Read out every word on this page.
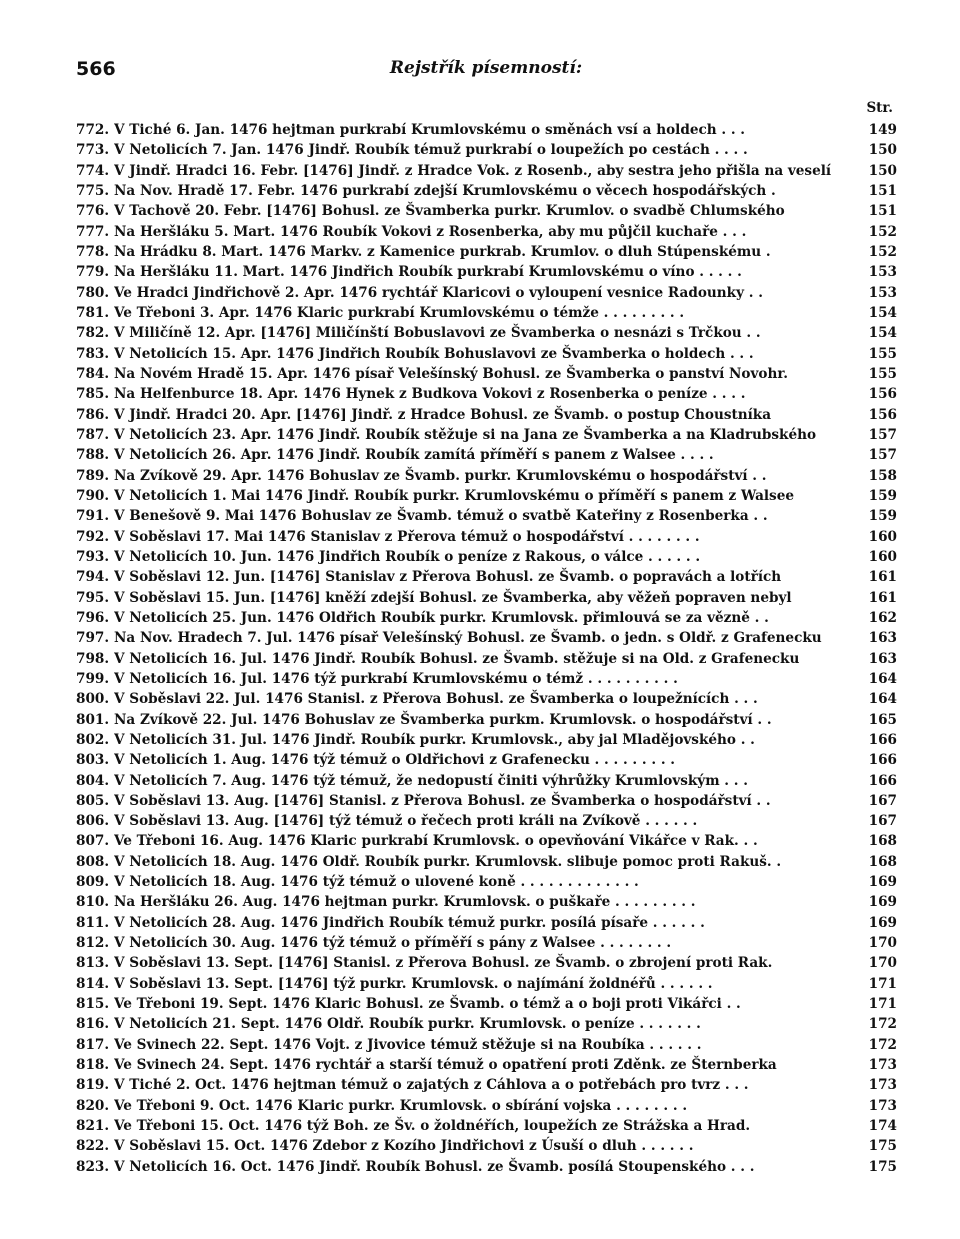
566	Rejstřík písemností:
Str.
772. V Tiché 6. Jan. 1476 hejtman purkrabí Krumlovskému o směnách vsí a holdech . . .	149
773. V Netolicích 7. Jan. 1476 Jindř. Roubík témuž purkrabí o loupežích po cestách . . . .	150
774. V Jindř. Hradci 16. Febr. [1476] Jindř. z Hradce Vok. z Rosenb., aby sestra jeho přišla na veselí	150
775. Na Nov. Hradě 17. Febr. 1476 purkrabí zdejší Krumlovskému o věcech hospodářských .	151
776. V Tachově 20. Febr. [1476] Bohusl. ze Švamberka purkr. Krumlov. o svadbě Chlumského	151
777. Na Heršláku 5. Mart. 1476 Roubík Vokovi z Rosenberka, aby mu půjčil kuchaře . . .	152
778. Na Hrádku 8. Mart. 1476 Markv. z Kamenice purkrab. Krumlov. o dluh Stúpenskému .	152
779. Na Heršláku 11. Mart. 1476 Jindřich Roubík purkrabí Krumlovskému o víno . . . . .	153
780. Ve Hradci Jindřichově 2. Apr. 1476 rychtář Klaricovi o vyloupení vesnice Radounky . .	153
781. Ve Třeboni 3. Apr. 1476 Klaric purkrabí Krumlovskému o témže . . . . . . . . .	154
782. V Miličíně 12. Apr. [1476] Miličínští Bobuslavovi ze Švamberka o nesnázi s Trčkou . .	154
783. V Netolicích 15. Apr. 1476 Jindřich Roubík Bohuslavovi ze Švamberka o holdech . . .	155
784. Na Novém Hradě 15. Apr. 1476 písař Velešínský Bohusl. ze Švamberka o panství Novohr.	155
785. Na Helfenburce 18. Apr. 1476 Hynek z Budkova Vokovi z Rosenberka o peníze . . . .	156
786. V Jindř. Hradci 20. Apr. [1476] Jindř. z Hradce Bohusl. ze Švamb. o postup Choustníka	156
787. V Netolicích 23. Apr. 1476 Jindř. Roubík stěžuje si na Jana ze Švamberka a na Kladrubského	157
788. V Netolicích 26. Apr. 1476 Jindř. Roubík zamítá příměří s panem z Walsee . . . .	157
789. Na Zvíkově 29. Apr. 1476 Bohuslav ze Švamb. purkr. Krumlovskému o hospodářství . .	158
790. V Netolicích 1. Mai 1476 Jindř. Roubík purkr. Krumlovskému o příměří s panem z Walsee	159
791. V Benešově 9. Mai 1476 Bohuslav ze Švamb. témuž o svatbě Kateřiny z Rosenberka . .	159
792. V Soběslavi 17. Mai 1476 Stanislav z Přerova témuž o hospodářství . . . . . . . .	160
793. V Netolicích 10. Jun. 1476 Jindřich Roubík o peníze z Rakous, o válce . . . . . .	160
794. V Soběslavi 12. Jun. [1476] Stanislav z Přerova Bohusl. ze Švamb. o popravách a lotřích	161
795. V Soběslavi 15. Jun. [1476] kněží zdejší Bohusl. ze Švamberka, aby věžeň popraven nebyl	161
796. V Netolicích 25. Jun. 1476 Oldřich Roubík purkr. Krumlovsk. přimlouvá se za vězně . .	162
797. Na Nov. Hradech 7. Jul. 1476 písař Velešínský Bohusl. ze Švamb. o jedn. s Oldř. z Grafenecku	163
798. V Netolicích 16. Jul. 1476 Jindř. Roubík Bohusl. ze Švamb. stěžuje si na Old. z Grafenecku	163
799. V Netolicích 16. Jul. 1476 týž purkrabí Krumlovskému o témž . . . . . . . . . .	164
800. V Soběslavi 22. Jul. 1476 Stanisl. z Přerova Bohusl. ze Švamberka o loupežnících . . .	164
801. Na Zvíkově 22. Jul. 1476 Bohuslav ze Švamberka purkm. Krumlovsk. o hospodářství . .	165
802. V Netolicích 31. Jul. 1476 Jindř. Roubík purkr. Krumlovsk., aby jal Mladějovského . .	166
803. V Netolicích 1. Aug. 1476 týž témuž o Oldřichovi z Grafenecku . . . . . . . . .	166
804. V Netolicích 7. Aug. 1476 týž témuž, že nedopustí činiti výhrůžky Krumlovským . . .	166
805. V Soběslavi 13. Aug. [1476] Stanisl. z Přerova Bohusl. ze Švamberka o hospodářství . .	167
806. V Soběslavi 13. Aug. [1476] týž témuž o řečech proti králi na Zvíkově . . . . . .	167
807. Ve Třeboni 16. Aug. 1476 Klaric purkrabí Krumlovsk. o opevňování Vikářce v Rak. . .	168
808. V Netolicích 18. Aug. 1476 Oldř. Roubík purkr. Krumlovsk. slibuje pomoc proti Rakuš. .	168
809. V Netolicích 18. Aug. 1476 týž témuž o ulovené koně . . . . . . . . . . . . .	169
810. Na Heršláku 26. Aug. 1476 hejtman purkr. Krumlovsk. o puškaře . . . . . . . . .	169
811. V Netolicích 28. Aug. 1476 Jindřich Roubík témuž purkr. posílá písaře . . . . . .	169
812. V Netolicích 30. Aug. 1476 týž témuž o příměří s pány z Walsee . . . . . . . .	170
813. V Soběslavi 13. Sept. [1476] Stanisl. z Přerova Bohusl. ze Švamb. o zbrojení proti Rak.	170
814. V Soběslavi 13. Sept. [1476] týž purkr. Krumlovsk. o najímání žoldnéřů . . . . . .	171
815. Ve Třeboni 19. Sept. 1476 Klaric Bohusl. ze Švamb. o témž a o boji proti Vikářci . .	171
816. V Netolicích 21. Sept. 1476 Oldř. Roubík purkr. Krumlovsk. o peníze . . . . . . .	172
817. Ve Svinech 22. Sept. 1476 Vojt. z Jivovice témuž stěžuje si na Roubíka . . . . . .	172
818. Ve Svinech 24. Sept. 1476 rychtář a starší témuž o opatření proti Zděnk. ze Šternberka	173
819. V Tiché 2. Oct. 1476 hejtman témuž o zajatých z Cáhlova a o potřebách pro tvrz . . .	173
820. Ve Třeboni 9. Oct. 1476 Klaric purkr. Krumlovsk. o sbírání vojska . . . . . . . .	173
821. Ve Třeboni 15. Oct. 1476 týž Boh. ze Šv. o žoldnéřích, loupežích ze Strážska a Hrad.	174
822. V Soběslavi 15. Oct. 1476 Zdebor z Kozího Jindřichovi z Úsuší o dluh . . . . . .	175
823. V Netolicích 16. Oct. 1476 Jindř. Roubík Bohusl. ze Švamb. posílá Stoupenského . . .	175
